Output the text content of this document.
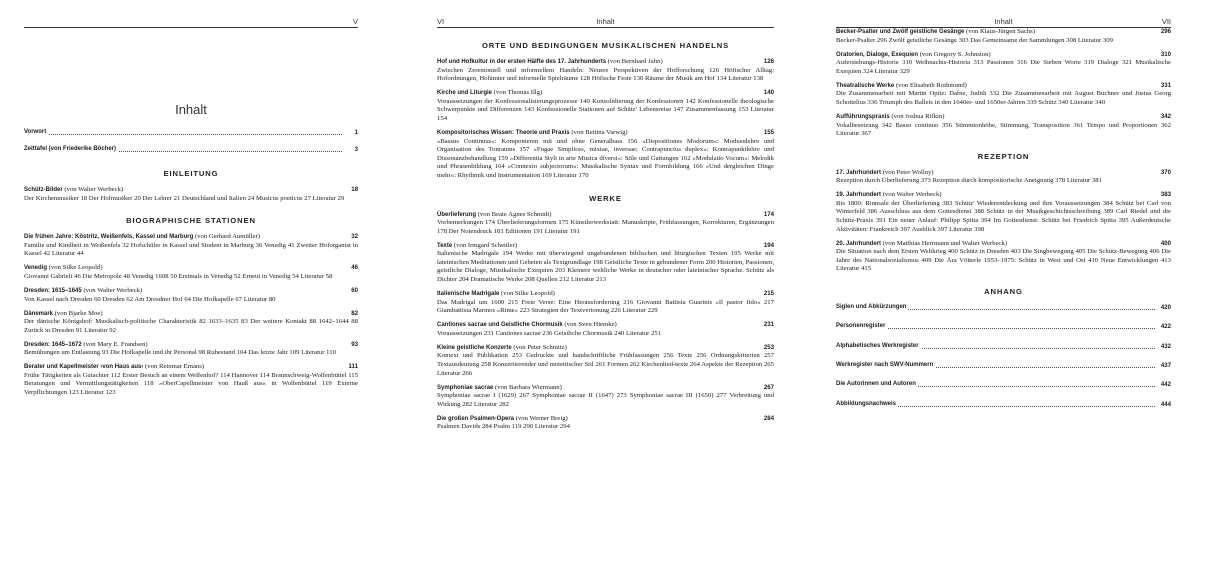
V
Inhalt
Vorwort	1
Zeittafel (von Friederike Böcher)	3
EINLEITUNG
Schütz-Bilder (von Walter Werbeck)	18
Der Kirchenmusiker 18 Der Hofmusiker 20 Der Lehrer 21 Deutschland und Italien 24 Musicus poeticus 27 Literatur 29
BIOGRAPHISCHE STATIONEN
Die frühen Jahre: Köstritz, Weißenfels, Kassel und Marburg (von Gerhard Aumüller)	32
Familie und Kindheit in Weißenfels 32 Hofschüler in Kassel und Student in Marburg 36 Venedig 41 Zweiter Hoforganist in Kassel 42 Literatur 44
Venedig (von Silke Leopold)	46
Giovanni Gabrieli 46 Die Metropole 48 Venedig 1608 50 Erstmals in Venedig 52 Erneut in Venedig 54 Literatur 58
Dresden: 1615–1645 (von Walter Werbeck)	60
Von Kassel nach Dresden 60 Dresden 62 Am Dresdner Hof 64 Die Hofkapelle 67 Literatur 80
Dänemark (von Bjarke Moe)	82
Der dänische Königshof: Musikalisch-politische Charakteristik 82 1633–1635 83 Der weitere Kontakt 88 1642–1644 88 Zurück in Dresden 91 Literatur 92
Dresden: 1645–1672 (von Mary E. Frandsen)	93
Bemühungen um Entlastung 93 Die Hofkapelle und ihr Personal 98 Ruhestand 104 Das letzte Jahr 109 Literatur 110
Berater und Kapellmeister ›von Haus aus‹ (von Reinmar Emans)	111
Frühe Tätigkeiten als Gutachter 112 Erster Besuch an einem Welfenhof? 114 Hannover 114 Braunschweig-Wolfenbüttel 115 Beratungen und Vermittlungstätigkeiten 118 »OberCapellmeister von Hauß aus« in Wolfenbüttel 119 Externe Verpflichtungen 123 Literatur 123
VI	Inhalt
ORTE UND BEDINGUNGEN MUSIKALISCHEN HANDELNS
Hof und Hofkultur in der ersten Hälfte des 17. Jahrhunderts (von Bernhard Jahn)	126
Zwischen Zeremoniell und informellem Handeln: Neuere Perspektiven der Hofforschung 126 Höfischer Alltag: Hofordnungen, Hofämter und informelle Spielräume 128 Höfische Feste 130 Räume der Musik am Hof 134 Literatur 138
Kirche und Liturgie (von Thomas Illg)	140
Voraussetzungen der Konfessionalisierungsprozesse 140 Konsolidierung der Konfessionen 142 Konfessionelle theologische Schwerpunkte und Differenzen 143 Konfessionelle Stationen auf Schütz' Lebensreise 147 Zusammenfassung 153 Literatur 154
Kompositorisches Wissen: Theorie und Praxis (von Bettina Varwig)	155
»Bassus Continuus«: Komponieren mit und ohne Generalbass 156 »Dispositiones Modorum«: Modusnlehre und Organisation des Tonraums 157 »Fugae Simplices, mixtae, inversae; Contrapunctus duplex«: Kontrapunktlehre und Dissonanzbehandlung 159 »Differentia Styli in arte Musica diversi«: Stile und Gattungen 162 »Modulatio Vocum«: Melodik und Phrasenbildung 164 »Connexio subjectorum«: Musikalische Syntax und Formbildung 166 »Und dergleichen Dinge mehr«: Rhythmik und Instrumentation 169 Literatur 170
WERKE
Überlieferung (von Beate Agnes Schmidt)	174
Vorbemerkungen 174 Überlieferungsformen 175 Künstlerwerkstatt: Manuskripte, Frühfassungen, Korrekturen, Ergänzungen 178 Der Notendruck 181 Editionen 191 Literatur 191
Texte (von Irmgard Scheitler)	194
Italienische Madrigale 194 Werke mit überwiegend ungebundenen biblischen und liturgischen Texten 195 Werke mit lateinischen Meditationen und Gebeten als Textgrundlage 198 Geistliche Texte in gebundener Form 200 Historien, Passionen, geistliche Dialoge, Musikalische Exequien 203 Kleinere weltliche Werke in deutscher oder lateinischer Sprache. Schütz als Dichter 204 Dramatische Werke 208 Quellen 212 Literatur 213
Italienische Madrigale (von Silke Leopold)	215
Das Madrigal um 1600 215 Freie Verse: Eine Herausforderung 216 Giovanni Battista Guarinis »Il pastor fido« 217 Giambattista Marinos »Rime« 223 Strategien der Textvertonung 226 Literatur 229
Cantiones sacrae und Geistliche Chormusik (von Sven Hiemke)	231
Voraussetzungen 231 Cantiones sacrae 236 Geistliche Chormusik 240 Literatur 251
Kleine geistliche Konzerte (von Peter Schmitz)	253
Kontext und Publikation 253 Gedruckte und handschriftliche Frühfassungen 256 Texte 256 Ordnungskriterien 257 Textausdeutung 258 Konzertierender und motettischer Stil 261 Formen 262 Kirchenlied-texte 264 Aspekte der Rezeption 265 Literatur 266
Symphoniae sacrae (von Barbara Wiermann)	267
Symphoniae sacrae I (1629) 267 Symphoniae sacrae II (1647) 273 Symphoniae sacrae III (1650) 277 Verbreitung und Wirkung 282 Literatur 282
Die großen Psalmen-Opera (von Werner Breig)	284
Psalmen Davids 284 Psalm 119 290 Literatur 294
Inhalt	VII
Becker-Psalter und Zwölf geistliche Gesänge (von Klaus-Jürgen Sachs)	296
Becker-Psalter 296 Zwölf geistliche Gesänge 303 Das Gemeinsame der Sammlungen 308 Literatur 309
Oratorien, Dialoge, Exequien (von Gregory S. Johnston)	310
Auferstehungs-Historie 310 Weihnachts-Historia 313 Passionen 316 Die Sieben Worte 319 Dialoge 321 Musikalische Exequien 324 Literatur 329
Theatralische Werke (von Elisabeth Rothmund)	331
Die Zusammenarbeit mit Martin Opitz: Dafne, Judith 332 Die Zusammenarbeit mit August Buchner und Justus Georg Schottelius 336 Triumph des Ballets in den 1640er- und 1650er-Jahren 339 Schütz 340 Literatur 340
Aufführungspraxis (von Joshua Rifkin)	342
Vokalbesetzung 342 Basso continuo 356 Stimmtonhöhe, Stimmung, Transposition 361 Tempo und Proportionen 362 Literatur 367
REZEPTION
17. Jahrhundert (von Peter Wollny)	370
Rezeption durch Überlieferung 373 Rezeption durch kompositorische Aneignung 378 Literatur 381
19. Jahrhundert (von Walter Werbeck)	383
Bis 1800: Rinnsale der Überlieferung 383 Schütz' Wiederentdeckung und ihre Voraussetzungen 384 Schütz bei Carl von Winterfeld 386 Ausschluss aus dem Gottesdienst 388 Schütz in der Musikgeschichtsschreibung 389 Carl Riedel und die Schütz-Praxis 391 Ein neuer Anlauf: Philipp Spitta 394 Im Gottesdienst: Schütz bei Friedrich Spitta 395 Außerdeutsche Aktivitäten: Frankreich 397 Ausblick 397 Literatur 398
20. Jahrhundert (von Matthias Herrmann und Walter Werbeck)	400
Die Situation nach dem Ersten Weltkrieg 400 Schütz in Dresden 403 Die Singbewegung 405 Die Schütz-Bewegung 406 Die Jahre des Nationalsozialismus 409 Die Ära Vötterle 1953–1975: Schütz in West und Ost 410 Neue Entwicklungen 413 Literatur 415
ANHANG
Siglen und Abkürzungen	420
Personenregister	422
Alphabetisches Werkregister	432
Werkregister nach SWV-Nummern	437
Die Autorinnen und Autoren	442
Abbildungsnachweis	444
